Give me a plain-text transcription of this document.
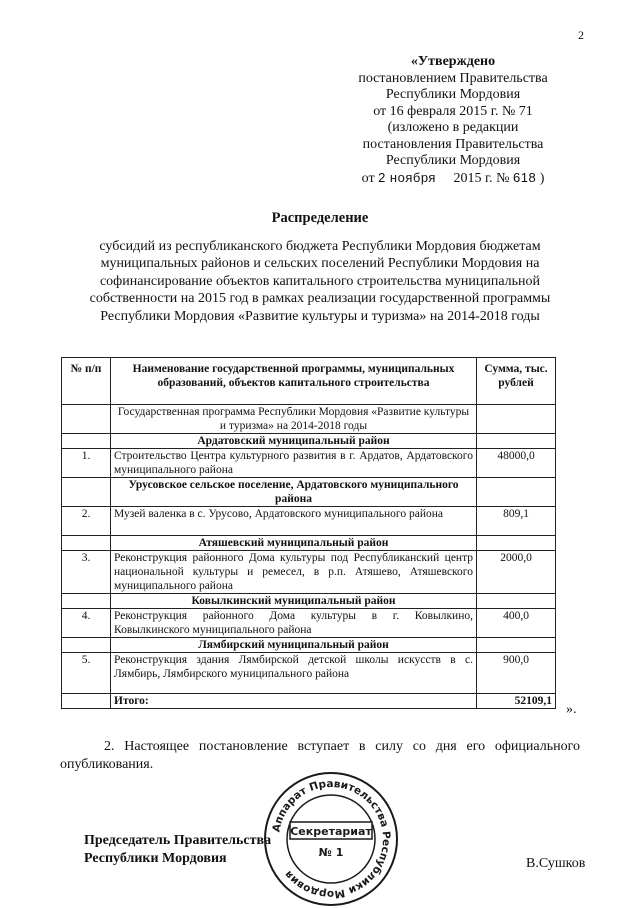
2
«Утверждено
постановлением Правительства
Республики Мордовия
от 16 февраля 2015 г. № 71
(изложено в редакции
постановления Правительства
Республики Мордовия
от 2 ноября 2015 г. № 618 )
Распределение
субсидий из республиканского бюджета Республики Мордовия бюджетам муниципальных районов и сельских поселений Республики Мордовия на софинансирование объектов капитального строительства муниципальной собственности на 2015 год в рамках реализации государственной программы Республики Мордовия «Развитие культуры и туризма» на 2014-2018 годы
№ п/п	Наименование государственной программы, муниципальных образований, объектов капитального строительства	Сумма, тыс. рублей
	Государственная программа Республики Мордовия «Развитие культуры и туризма» на 2014-2018 годы	
	Ардатовский муниципальный район	
1.	Строительство Центра культурного развития в г. Ардатов, Ардатовского муниципального района	48000,0
	Урусовское сельское поселение, Ардатовского муниципального района	
2.	Музей валенка в с. Урусово, Ардатовского муниципального района	809,1
	Атяшевский муниципальный район	
3.	Реконструкция районного Дома культуры под Республиканский центр национальной культуры и ремесел, в р.п. Атяшево, Атяшевского муниципального района	2000,0
	Ковылкинский муниципальный район	
4.	Реконструкция районного Дома культуры в г. Ковылкино, Ковылкинского муниципального района	400,0
	Лямбирский муниципальный район	
5.	Реконструкция здания Лямбирской детской школы искусств в с. Лямбирь, Лямбирского муниципального района	900,0
	Итого:	52109,1
».
2. Настоящее постановление вступает в силу со дня его официального опубликования.
Председатель Правительства
Республики Мордовия	В.Сушков
Аппарат Правительства Республики Мордовия
Секретариат
№ 1
